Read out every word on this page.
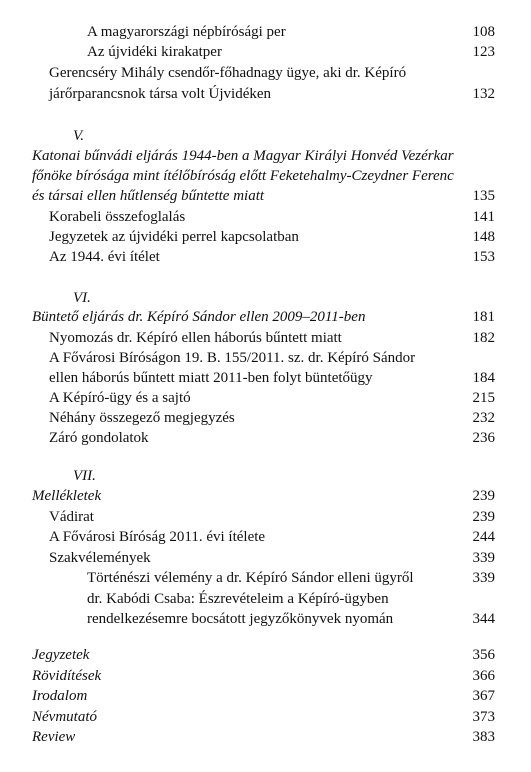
A magyarországi népbírósági per	108
Az újvidéki kirakatper	123
Gerencséry Mihály csendőr-főhadnagy ügye, aki dr. Képíró
járőrparancsnok társa volt Újvidéken	132
V.
Katonai bűnvádi eljárás 1944-ben a Magyar Királyi Honvéd Vezérkar
főnöke bírósága mint ítélőbíróság előtt Feketehalmy-Czeydner Ferenc
és társai ellen hűtlenség bűntette miatt	135
Korabeli összefoglalás	141
Jegyzetek az újvidéki perrel kapcsolatban	148
Az 1944. évi ítélet	153
VI.
Büntető eljárás dr. Képíró Sándor ellen 2009–2011-ben	181
Nyomozás dr. Képíró ellen háborús bűntett miatt	182
A Fővárosi Bíróságon 19. B. 155/2011. sz. dr. Képíró Sándor
ellen háborús bűntett miatt 2011-ben folyt büntetőügy	184
A Képíró-ügy és a sajtó	215
Néhány összegező megjegyzés	232
Záró gondolatok	236
VII.
Mellékletek	239
Vádirat	239
A Fővárosi Bíróság 2011. évi ítélete	244
Szakvélemények	339
Történészi vélemény a dr. Képíró Sándor elleni ügyről	339
dr. Kabódi Csaba: Észrevételeim a Képíró-ügyben
rendelkezésemre bocsátott jegyzőkönyvek nyomán	344
Jegyzetek	356
Rövidítések	366
Irodalom	367
Névmutató	373
Review	383
